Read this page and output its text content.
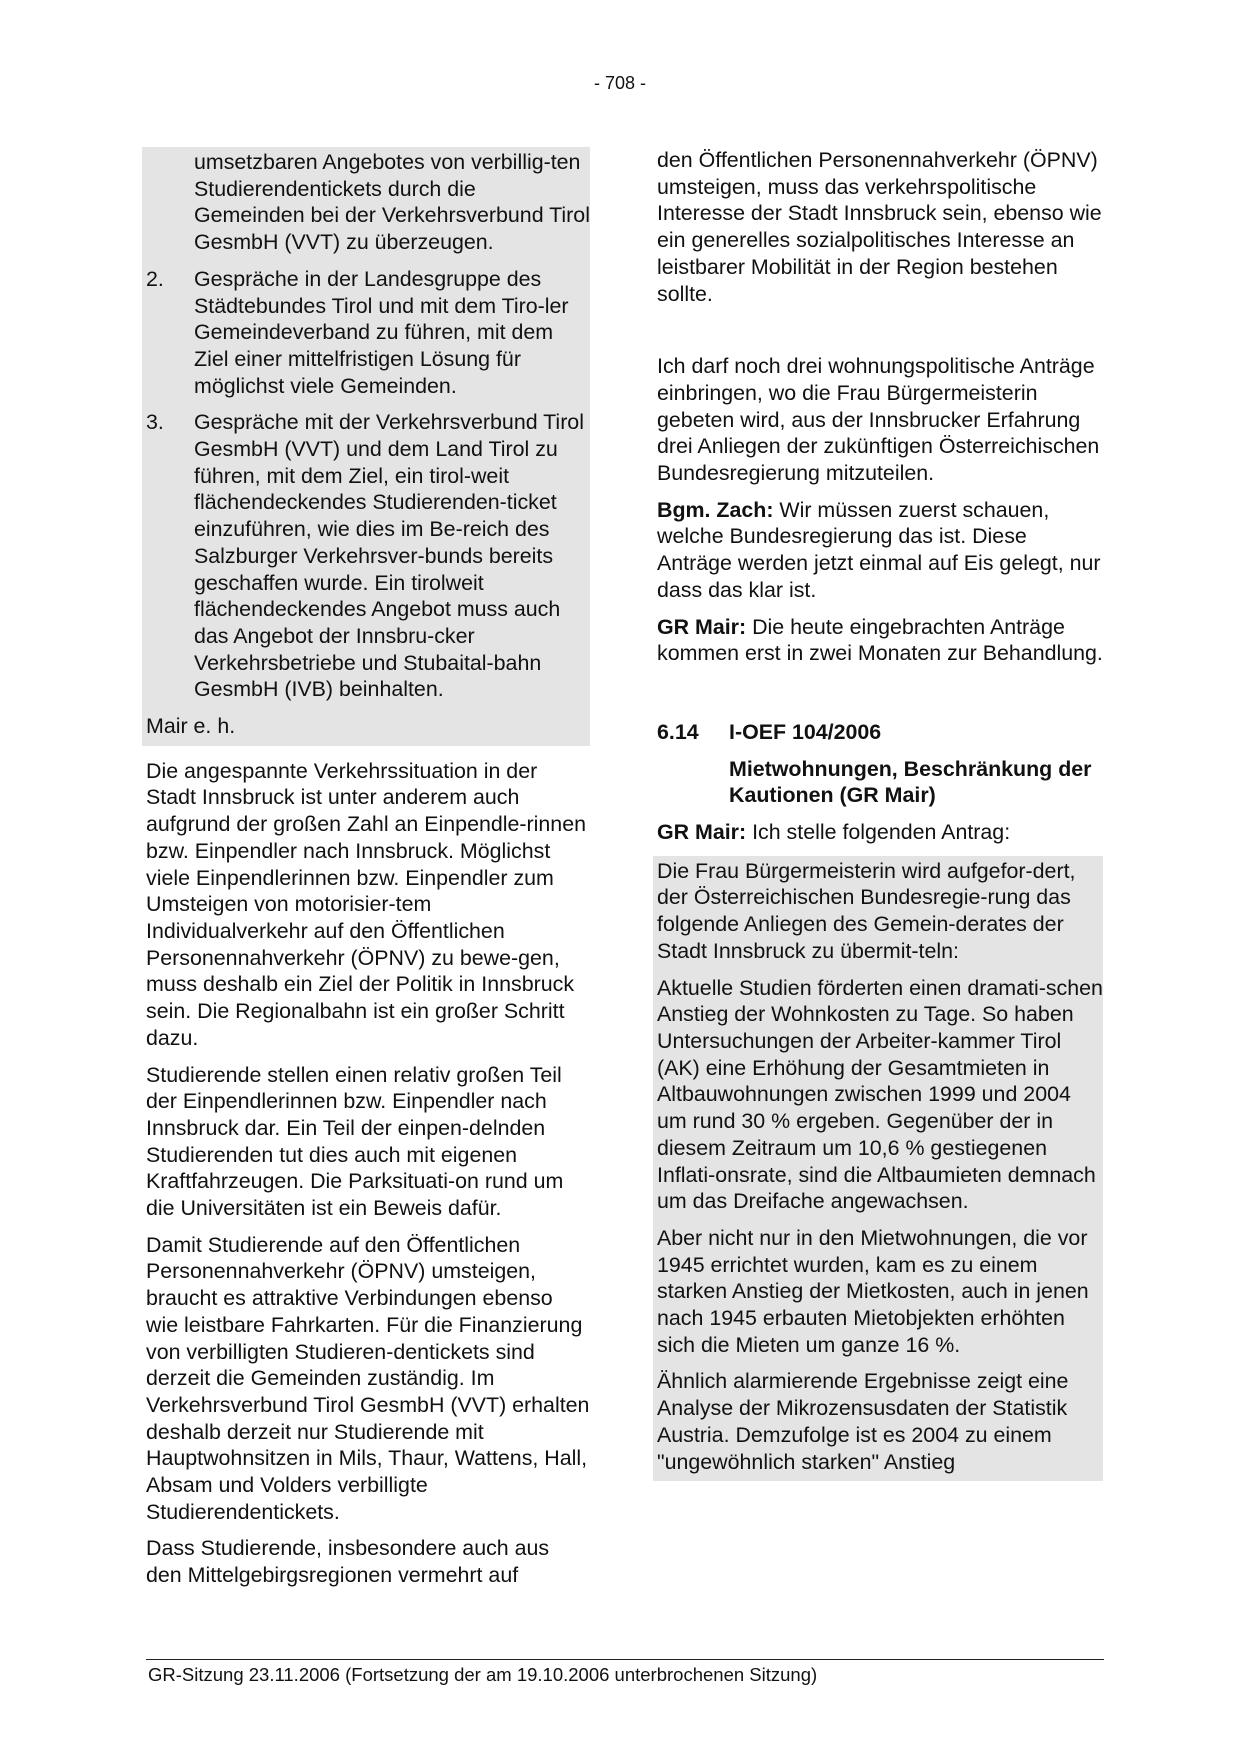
- 708 -
umsetzbaren Angebotes von verbillig-ten Studierendentickets durch die Gemeinden bei der Verkehrsverbund Tirol GesmbH (VVT) zu überzeugen.
2.	Gespräche in der Landesgruppe des Städtebundes Tirol und mit dem Tiro-ler Gemeindeverband zu führen, mit dem Ziel einer mittelfristigen Lösung für möglichst viele Gemeinden.
3.	Gespräche mit der Verkehrsverbund Tirol GesmbH (VVT) und dem Land Tirol zu führen, mit dem Ziel, ein tirol-weit flächendeckendes Studierenden-ticket einzuführen, wie dies im Be-reich des Salzburger Verkehrsver-bunds bereits geschaffen wurde. Ein tirolweit flächendeckendes Angebot muss auch das Angebot der Innsbru-cker Verkehrsbetriebe und Stubaital-bahn GesmbH (IVB) beinhalten.

Mair e. h.

Die angespannte Verkehrssituation in der Stadt Innsbruck ist unter anderem auch aufgrund der großen Zahl an Einpendle-rinnen bzw. Einpendler nach Innsbruck. Möglichst viele Einpendlerinnen bzw. Einpendler zum Umsteigen von motorisier-tem Individualverkehr auf den Öffentlichen Personennahverkehr (ÖPNV) zu bewe-gen, muss deshalb ein Ziel der Politik in Innsbruck sein. Die Regionalbahn ist ein großer Schritt dazu.

Studierende stellen einen relativ großen Teil der Einpendlerinnen bzw. Einpendler nach Innsbruck dar. Ein Teil der einpen-delnden Studierenden tut dies auch mit eigenen Kraftfahrzeugen. Die Parksituati-on rund um die Universitäten ist ein Beweis dafür.

Damit Studierende auf den Öffentlichen Personennahverkehr (ÖPNV) umsteigen, braucht es attraktive Verbindungen ebenso wie leistbare Fahrkarten. Für die Finanzierung von verbilligten Studieren-dentickets sind derzeit die Gemeinden zuständig. Im Verkehrsverbund Tirol GesmbH (VVT) erhalten deshalb derzeit nur Studierende mit Hauptwohnsitzen in Mils, Thaur, Wattens, Hall, Absam und Volders verbilligte Studierendentickets.

Dass Studierende, insbesondere auch aus den Mittelgebirgsregionen vermehrt auf

den Öffentlichen Personennahverkehr (ÖPNV) umsteigen, muss das verkehrspolitische Interesse der Stadt Innsbruck sein, ebenso wie ein generelles sozialpolitisches Interesse an leistbarer Mobilität in der Region bestehen sollte.

Ich darf noch drei wohnungspolitische Anträge einbringen, wo die Frau Bürgermeisterin gebeten wird, aus der Innsbrucker Erfahrung drei Anliegen der zukünftigen Österreichischen Bundesregierung mitzuteilen.

Bgm. Zach: Wir müssen zuerst schauen, welche Bundesregierung das ist. Diese Anträge werden jetzt einmal auf Eis gelegt, nur dass das klar ist.

GR Mair: Die heute eingebrachten Anträge kommen erst in zwei Monaten zur Behandlung.

6.14	I-OEF 104/2006
Mietwohnungen, Beschränkung der Kautionen (GR Mair)

GR Mair: Ich stelle folgenden Antrag:

Die Frau Bürgermeisterin wird aufgefor-dert, der Österreichischen Bundesregie-rung das folgende Anliegen des Gemein-derates der Stadt Innsbruck zu übermit-teln:

Aktuelle Studien förderten einen dramati-schen Anstieg der Wohnkosten zu Tage. So haben Untersuchungen der Arbeiter-kammer Tirol (AK) eine Erhöhung der Gesamtmieten in Altbauwohnungen zwischen 1999 und 2004 um rund 30 % ergeben. Gegenüber der in diesem Zeitraum um 10,6 % gestiegenen Inflati-onsrate, sind die Altbaumieten demnach um das Dreifache angewachsen.

Aber nicht nur in den Mietwohnungen, die vor 1945 errichtet wurden, kam es zu einem starken Anstieg der Mietkosten, auch in jenen nach 1945 erbauten Mietobjekten erhöhten sich die Mieten um ganze 16 %.

Ähnlich alarmierende Ergebnisse zeigt eine Analyse der Mikrozensusdaten der Statistik Austria. Demzufolge ist es 2004 zu einem "ungewöhnlich starken" Anstieg

GR-Sitzung 23.11.2006 (Fortsetzung der am 19.10.2006 unterbrochenen Sitzung)
